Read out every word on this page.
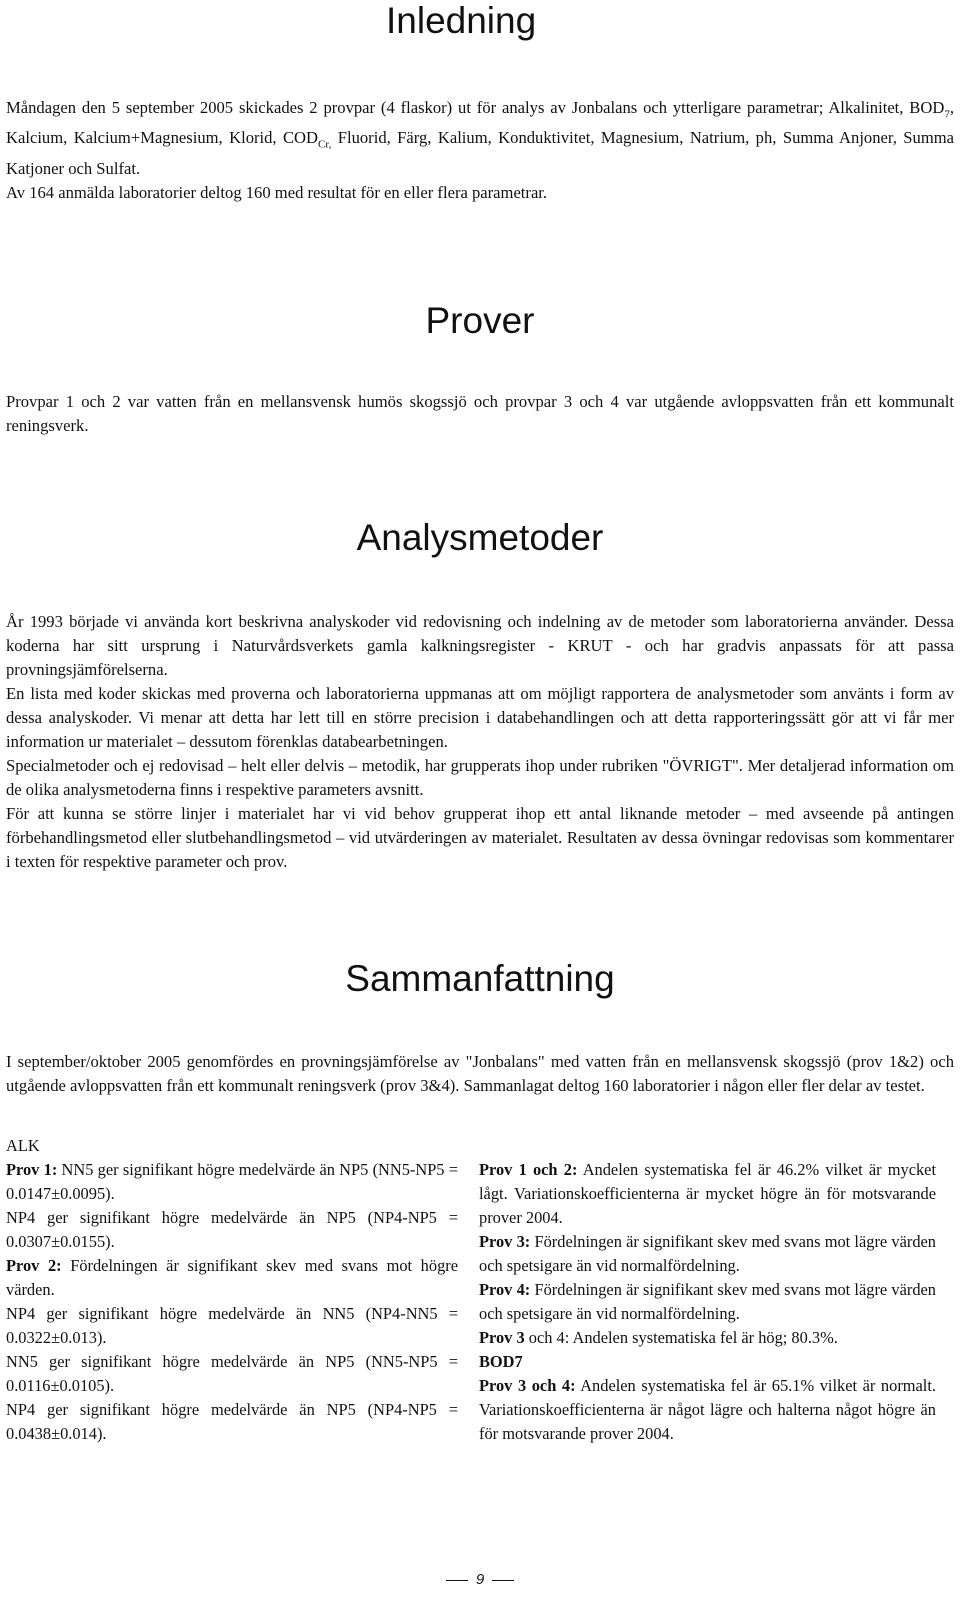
Inledning

Måndagen den 5 september 2005 skickades 2 provpar (4 flaskor) ut för analys av Jonbalans och ytterligare parametrar; Alkalinitet, $BOD_7$, Kalcium, Kalcium+Magnesium, Klorid, $COD_{Cr,}$ Fluorid, Färg, Kalium, Konduktivitet, Magnesium, Natrium, ph, Summa Anjoner, Summa Katjoner och Sulfat.

Av 164 anmälda laboratorier deltog 160 med resultat för en eller flera parametrar.

Prover

Provpar 1 och 2 var vatten från en mellansvensk humös skogssjö och provpar 3 och 4 var utgående avloppsvatten från ett kommunalt reningsverk.

Analysmetoder

År 1993 började vi använda kort beskrivna analyskoder vid redovisning och indelning av de metoder som laboratorierna använder. Dessa koderna har sitt ursprung i Naturvårdsverkets gamla kalkningsregister - KRUT - och har gradvis anpassats för att passa provningsjämförelserna.

En lista med koder skickas med proverna och laboratorierna uppmanas att om möjligt rapportera de analysmetoder som använts i form av dessa analyskoder. Vi menar att detta har lett till en större precision i databehandlingen och att detta rapporteringssätt gör att vi får mer information ur materialet – dessutom förenklas databearbetningen.

Specialmetoder och ej redovisad – helt eller delvis – metodik, har grupperats ihop under rubriken "ÖVRIGT". Mer detaljerad information om de olika analysmetoderna finns i respektive parameters avsnitt.

För att kunna se större linjer i materialet har vi vid behov grupperat ihop ett antal liknande metoder – med avseende på antingen förbehandlingsmetod eller slutbehandlingsmetod – vid utvärderingen av materialet. Resultaten av dessa övningar redovisas som kommentarer i texten för respektive parameter och prov.

Sammanfattning

I september/oktober 2005 genomfördes en provningsjämförelse av "Jonbalans" med vatten från en mellansvensk skogssjö (prov 1&2) och utgående avloppsvatten från ett kommunalt reningsverk (prov 3&4). Sammanlagat deltog 160 laboratorier i någon eller fler delar av testet.

ALK

Prov 1: NN5 ger signifikant högre medelvärde än NP5 (NN5-NP5 = 0.0147±0.0095).

NP4 ger signifikant högre medelvärde än NP5 (NP4-NP5 = 0.0307±0.0155).

Prov 2: Fördelningen är signifikant skev med svans mot högre värden.

NP4 ger signifikant högre medelvärde än NN5 (NP4-NN5 = 0.0322±0.013).

NN5 ger signifikant högre medelvärde än NP5 (NN5-NP5 = 0.0116±0.0105).

NP4 ger signifikant högre medelvärde än NP5 (NP4-NP5 = 0.0438±0.014).

Prov 1 och 2: Andelen systematiska fel är 46.2% vilket är mycket lågt. Variationskoefficienterna är mycket högre än för motsvarande prover 2004.

Prov 3: Fördelningen är signifikant skev med svans mot lägre värden och spetsigare än vid normalfördelning.

Prov 4: Fördelningen är signifikant skev med svans mot lägre värden och spetsigare än vid normalfördelning.

Prov 3 och 4: Andelen systematiska fel är hög; 80.3%.

BOD7

Prov 3 och 4: Andelen systematiska fel är 65.1% vilket är normalt. Variationskoefficienterna är något lägre och halterna något högre än för motsvarande prover 2004.

9
